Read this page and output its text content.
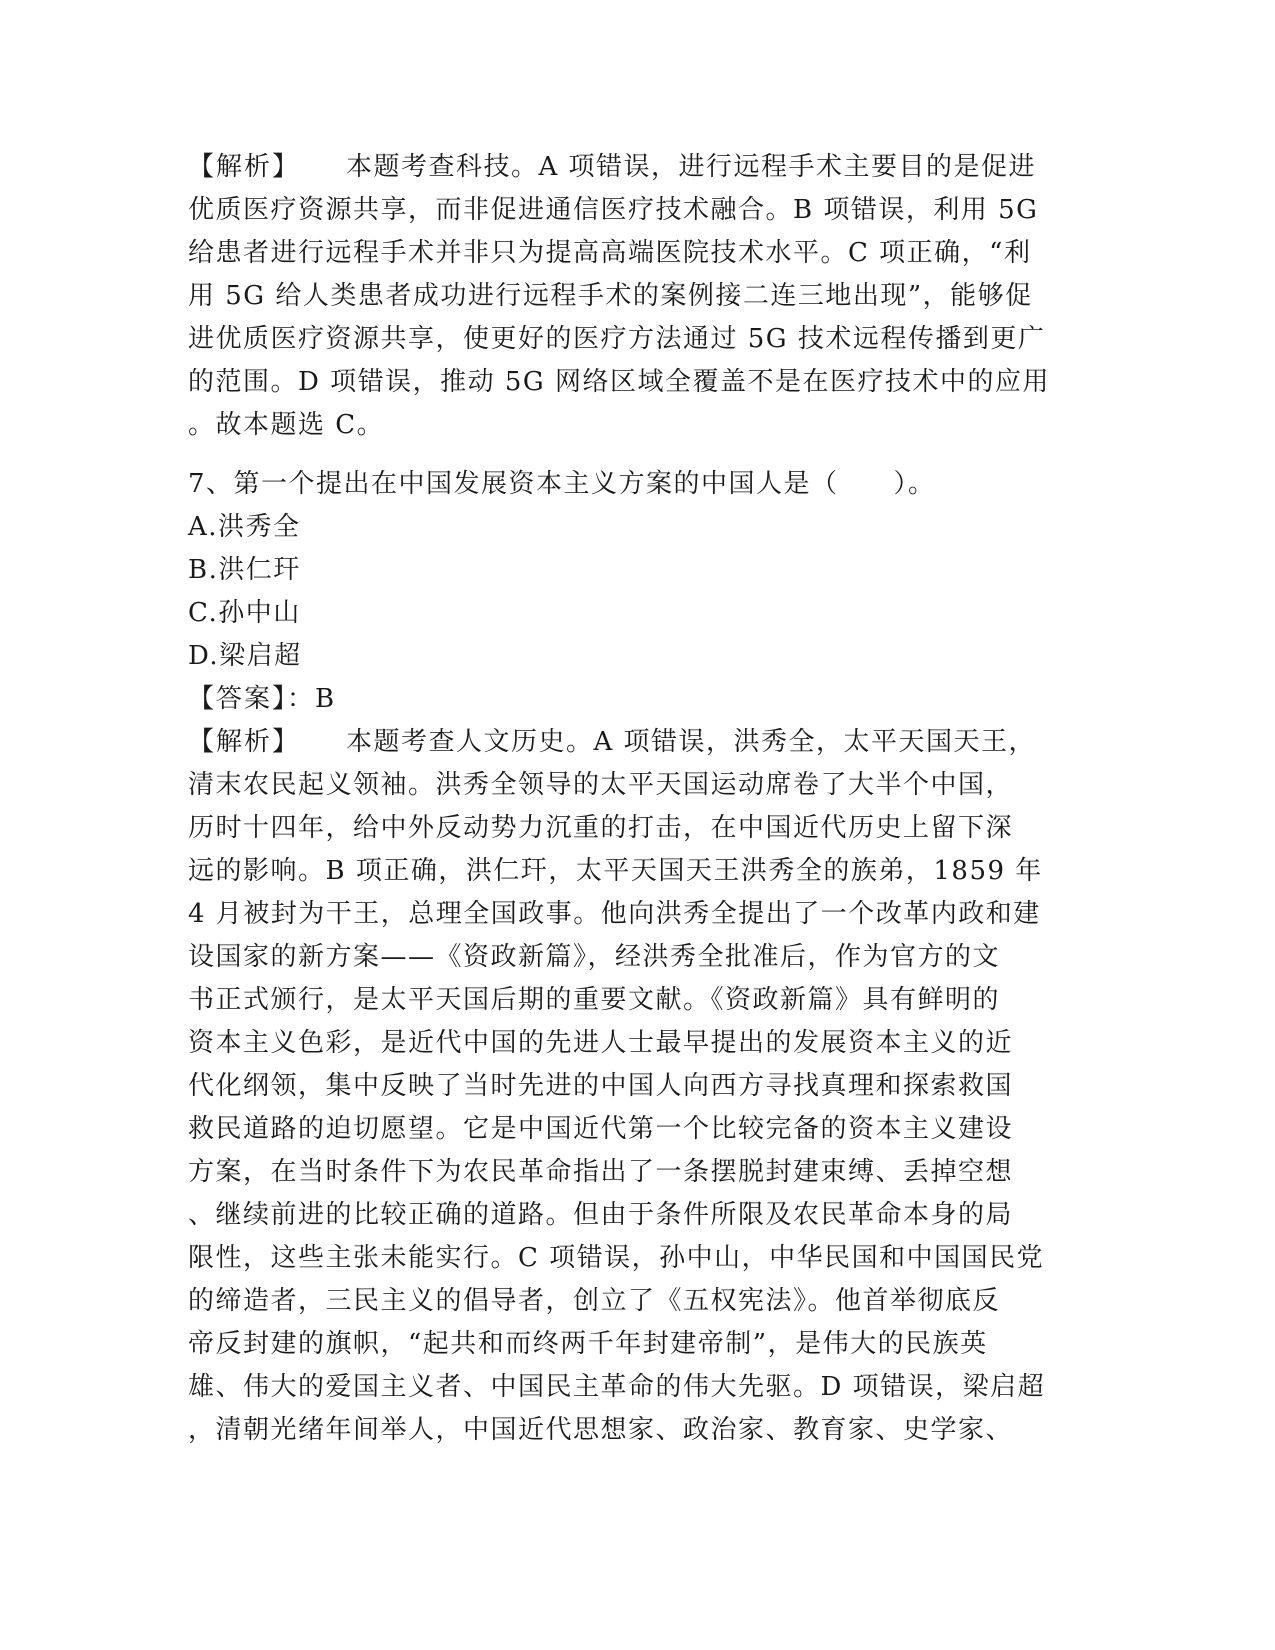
【解析】 本题考查科技。A 项错误，进行远程手术主要目的是促进
优质医疗资源共享，而非促进通信医疗技术融合。B 项错误，利用 5G
给患者进行远程手术并非只为提高高端医院技术水平。C 项正确，“利
用 5G 给人类患者成功进行远程手术的案例接二连三地出现”，能够促
进优质医疗资源共享，使更好的医疗方法通过 5G 技术远程传播到更广
的范围。D 项错误，推动 5G 网络区域全覆盖不是在医疗技术中的应用
。故本题选 C。
7、第一个提出在中国发展资本主义方案的中国人是（　　）。
A.洪秀全
B.洪仁玕
C.孙中山
D.梁启超
【答案】：B
【解析】 本题考查人文历史。A 项错误，洪秀全，太平天国天王，
清末农民起义领袖。洪秀全领导的太平天国运动席卷了大半个中国，
历时十四年，给中外反动势力沉重的打击，在中国近代历史上留下深
远的影响。B 项正确，洪仁玕，太平天国天王洪秀全的族弟，1859 年
4 月被封为干王，总理全国政事。他向洪秀全提出了一个改革内政和建
设国家的新方案——《资政新篇》，经洪秀全批准后，作为官方的文
书正式颁行，是太平天国后期的重要文献。《资政新篇》具有鲜明的
资本主义色彩，是近代中国的先进人士最早提出的发展资本主义的近
代化纲领，集中反映了当时先进的中国人向西方寻找真理和探索救国
救民道路的迫切愿望。它是中国近代第一个比较完备的资本主义建设
方案，在当时条件下为农民革命指出了一条摆脱封建束缚、丢掉空想
、继续前进的比较正确的道路。但由于条件所限及农民革命本身的局
限性，这些主张未能实行。C 项错误，孙中山，中华民国和中国国民党
的缔造者，三民主义的倡导者，创立了《五权宪法》。他首举彻底反
帝反封建的旗帜，“起共和而终两千年封建帝制”，是伟大的民族英
雄、伟大的爱国主义者、中国民主革命的伟大先驱。D 项错误，梁启超
，清朝光绪年间举人，中国近代思想家、政治家、教育家、史学家、
